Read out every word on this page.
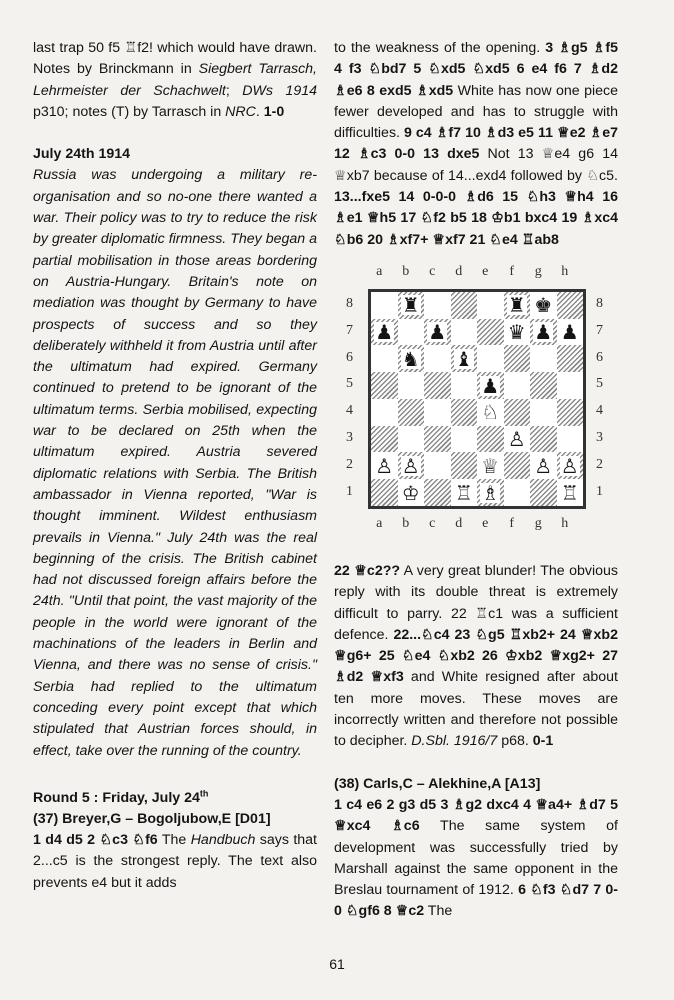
last trap 50 f5 ♖f2! which would have drawn. Notes by Brinckmann in Siegbert Tarrasch, Lehrmeister der Schachwelt; DWs 1914 p310; notes (T) by Tarrasch in NRC. 1-0

July 24th 1914

Russia was undergoing a military re-organisation and so no-one there wanted a war. Their policy was to try to reduce the risk by greater diplomatic firmness. They began a partial mobilisation in those areas bordering on Austria-Hungary. Britain's note on mediation was thought by Germany to have prospects of success and so they deliberately withheld it from Austria until after the ultimatum had expired. Germany continued to pretend to be ignorant of the ultimatum terms. Serbia mobilised, expecting war to be declared on 25th when the ultimatum expired. Austria severed diplomatic relations with Serbia. The British ambassador in Vienna reported, "War is thought imminent. Wildest enthusiasm prevails in Vienna." July 24th was the real beginning of the crisis. The British cabinet had not discussed foreign affairs before the 24th. "Until that point, the vast majority of the people in the world were ignorant of the machinations of the leaders in Berlin and Vienna, and there was no sense of crisis." Serbia had replied to the ultimatum conceding every point except that which stipulated that Austrian forces should, in effect, take over the running of the country.

Round 5 : Friday, July 24th

(37) Breyer,G – Bogoljubow,E [D01]

1 d4 d5 2 ♘c3 ♘f6 The Handbuch says that 2...c5 is the strongest reply. The text also prevents e4 but it adds

to the weakness of the opening. 3 ♗g5 ♗f5 4 f3 ♘bd7 5 ♘xd5 ♘xd5 6 e4 f6 7 ♗d2 ♗e6 8 exd5 ♗xd5 White has now one piece fewer developed and has to struggle with difficulties. 9 c4 ♗f7 10 ♗d3 e5 11 ♕e2 ♗e7 12 ♗c3 0-0 13 dxe5 Not 13 ♕e4 g6 14 ♕xb7 because of 14...exd4 followed by ♘c5. 13...fxe5 14 0-0-0 ♗d6 15 ♘h3 ♕h4 16 ♗e1 ♕h5 17 ♘f2 b5 18 ♔b1 bxc4 19 ♗xc4 ♘b6 20 ♗xf7+ ♕xf7 21 ♘e4 ♖ab8

a	b	c	d	e	f	g	h
8
7
6
5
4
3
2
1
♜	♜ ♚
♟ ♟	♛ ♟ ♟
♞ ♝
♟
♘
♙
♙ ♙	♕ ♙ ♙
♔ ♖ ♗	♖
8
7
6
5
4
3
2
1
a	b	c	d	e	f	g	h

22 ♕c2?? A very great blunder! The obvious reply with its double threat is extremely difficult to parry. 22 ♖c1 was a sufficient defence. 22...♘c4 23 ♘g5 ♖xb2+ 24 ♕xb2 ♕g6+ 25 ♘e4 ♘xb2 26 ♔xb2 ♕xg2+ 27 ♗d2 ♕xf3 and White resigned after about ten more moves. These moves are incorrectly written and therefore not possible to decipher. D.Sbl. 1916/7 p68. 0-1

(38) Carls,C – Alekhine,A [A13]

1 c4 e6 2 g3 d5 3 ♗g2 dxc4 4 ♕a4+ ♗d7 5 ♕xc4 ♗c6 The same system of development was successfully tried by Marshall against the same opponent in the Breslau tournament of 1912. 6 ♘f3 ♘d7 7 0-0 ♘gf6 8 ♕c2 The

61
